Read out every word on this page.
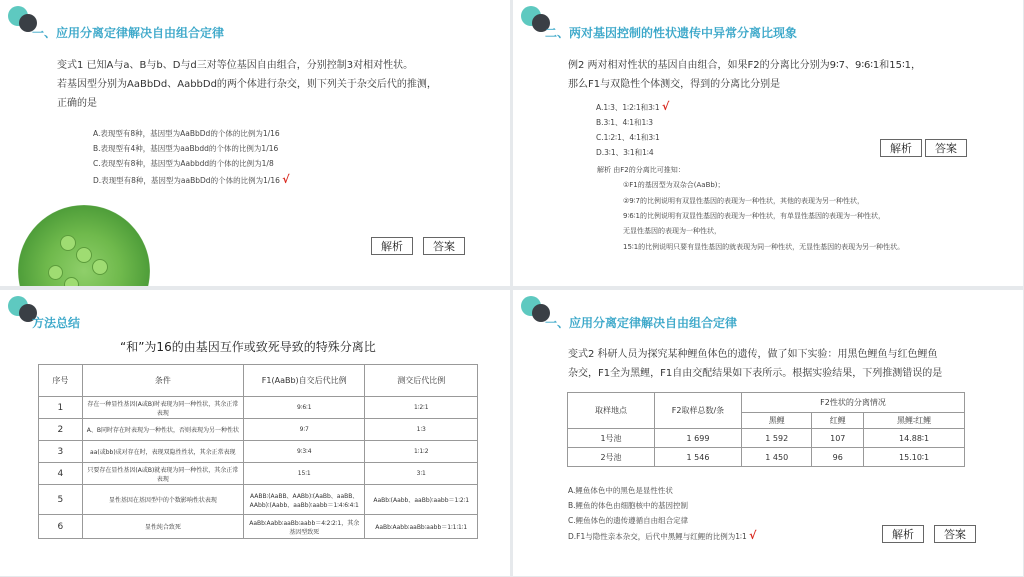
一、应用分离定律解决自由组合定律
变式1 已知A与a、B与b、D与d三对等位基因自由组合，分别控制3对相对性状。
若基因型分别为AaBbDd、AabbDd的两个体进行杂交，则下列关于杂交后代的推测，
正确的是
A.表现型有8种，基因型为AaBbDd的个体的比例为1/16
B.表现型有4种，基因型为aaBbdd的个体的比例为1/16
C.表现型有8种，基因型为Aabbdd的个体的比例为1/8
D.表现型有8种，基因型为aaBbDd的个体的比例为1/16 √
解析	答案
二、两对基因控制的性状遗传中异常分离比现象
例2 两对相对性状的基因自由组合，如果F2的分离比分别为9∶7、9∶6∶1和15∶1，
那么F1与双隐性个体测交，得到的分离比分别是
A.1∶3、1∶2∶1和3∶1 √
B.3∶1、4∶1和1∶3
C.1∶2∶1、4∶1和3∶1
D.3∶1、3∶1和1∶4	解析	答案
解析 由F2的分离比可推知：
①F1的基因型为双杂合(AaBb)；
②9∶7的比例说明有双显性基因的表现为一种性状，其他的表现为另一种性状，
9∶6∶1的比例说明有双显性基因的表现为一种性状，有单显性基因的表现为一种性状，
无显性基因的表现为一种性状，
15∶1的比例说明只要有显性基因的就表现为同一种性状，无显性基因的表现为另一种性状。
方法总结
“和”为16的由基因互作或致死导致的特殊分离比
序号	条件	F1(AaBb)自交后代比例	测交后代比例
1	存在一种显性基因(A或B)时表现为同一种性状，其余正常表现	9∶6∶1	1∶2∶1
2	A、B同时存在时表现为一种性状，否则表现为另一种性状	9∶7	1∶3
3	aa(或bb)成对存在时，表现双隐性性状，其余正常表现	9∶3∶4	1∶1∶2
4	只要存在显性基因(A或B)就表现为同一种性状，其余正常表现	15∶1	3∶1
5	显性基因在基因型中的个数影响性状表现	AABB∶(AaBB、AABb)∶(AaBb、aaBB、AAbb)∶(Aabb、aaBb)∶aabb＝1∶4∶6∶4∶1	AaBb∶(Aabb、aaBb)∶aabb＝1∶2∶1
6	显性纯合致死	AaBb∶Aabb∶aaBb∶aabb＝4∶2∶2∶1，其余基因型致死	AaBb∶Aabb∶aaBb∶aabb＝1∶1∶1∶1
一、应用分离定律解决自由组合定律
变式2 科研人员为探究某种鲤鱼体色的遗传，做了如下实验：用黑色鲤鱼与红色鲤鱼
杂交，F1全为黑鲤，F1自由交配结果如下表所示。根据实验结果，下列推测错误的是
取样地点	F2取样总数/条	F2性状的分离情况		
		黑鲤	红鲤	黑鲤∶红鲤
1号池	1 699	1 592	107	14.88∶1
2号池	1 546	1 450	96	15.10∶1
A.鲤鱼体色中的黑色是显性性状
B.鲤鱼的体色由细胞核中的基因控制
C.鲤鱼体色的遗传遵循自由组合定律
D.F1与隐性亲本杂交，后代中黑鲤与红鲤的比例为1∶1 √	解析	答案
